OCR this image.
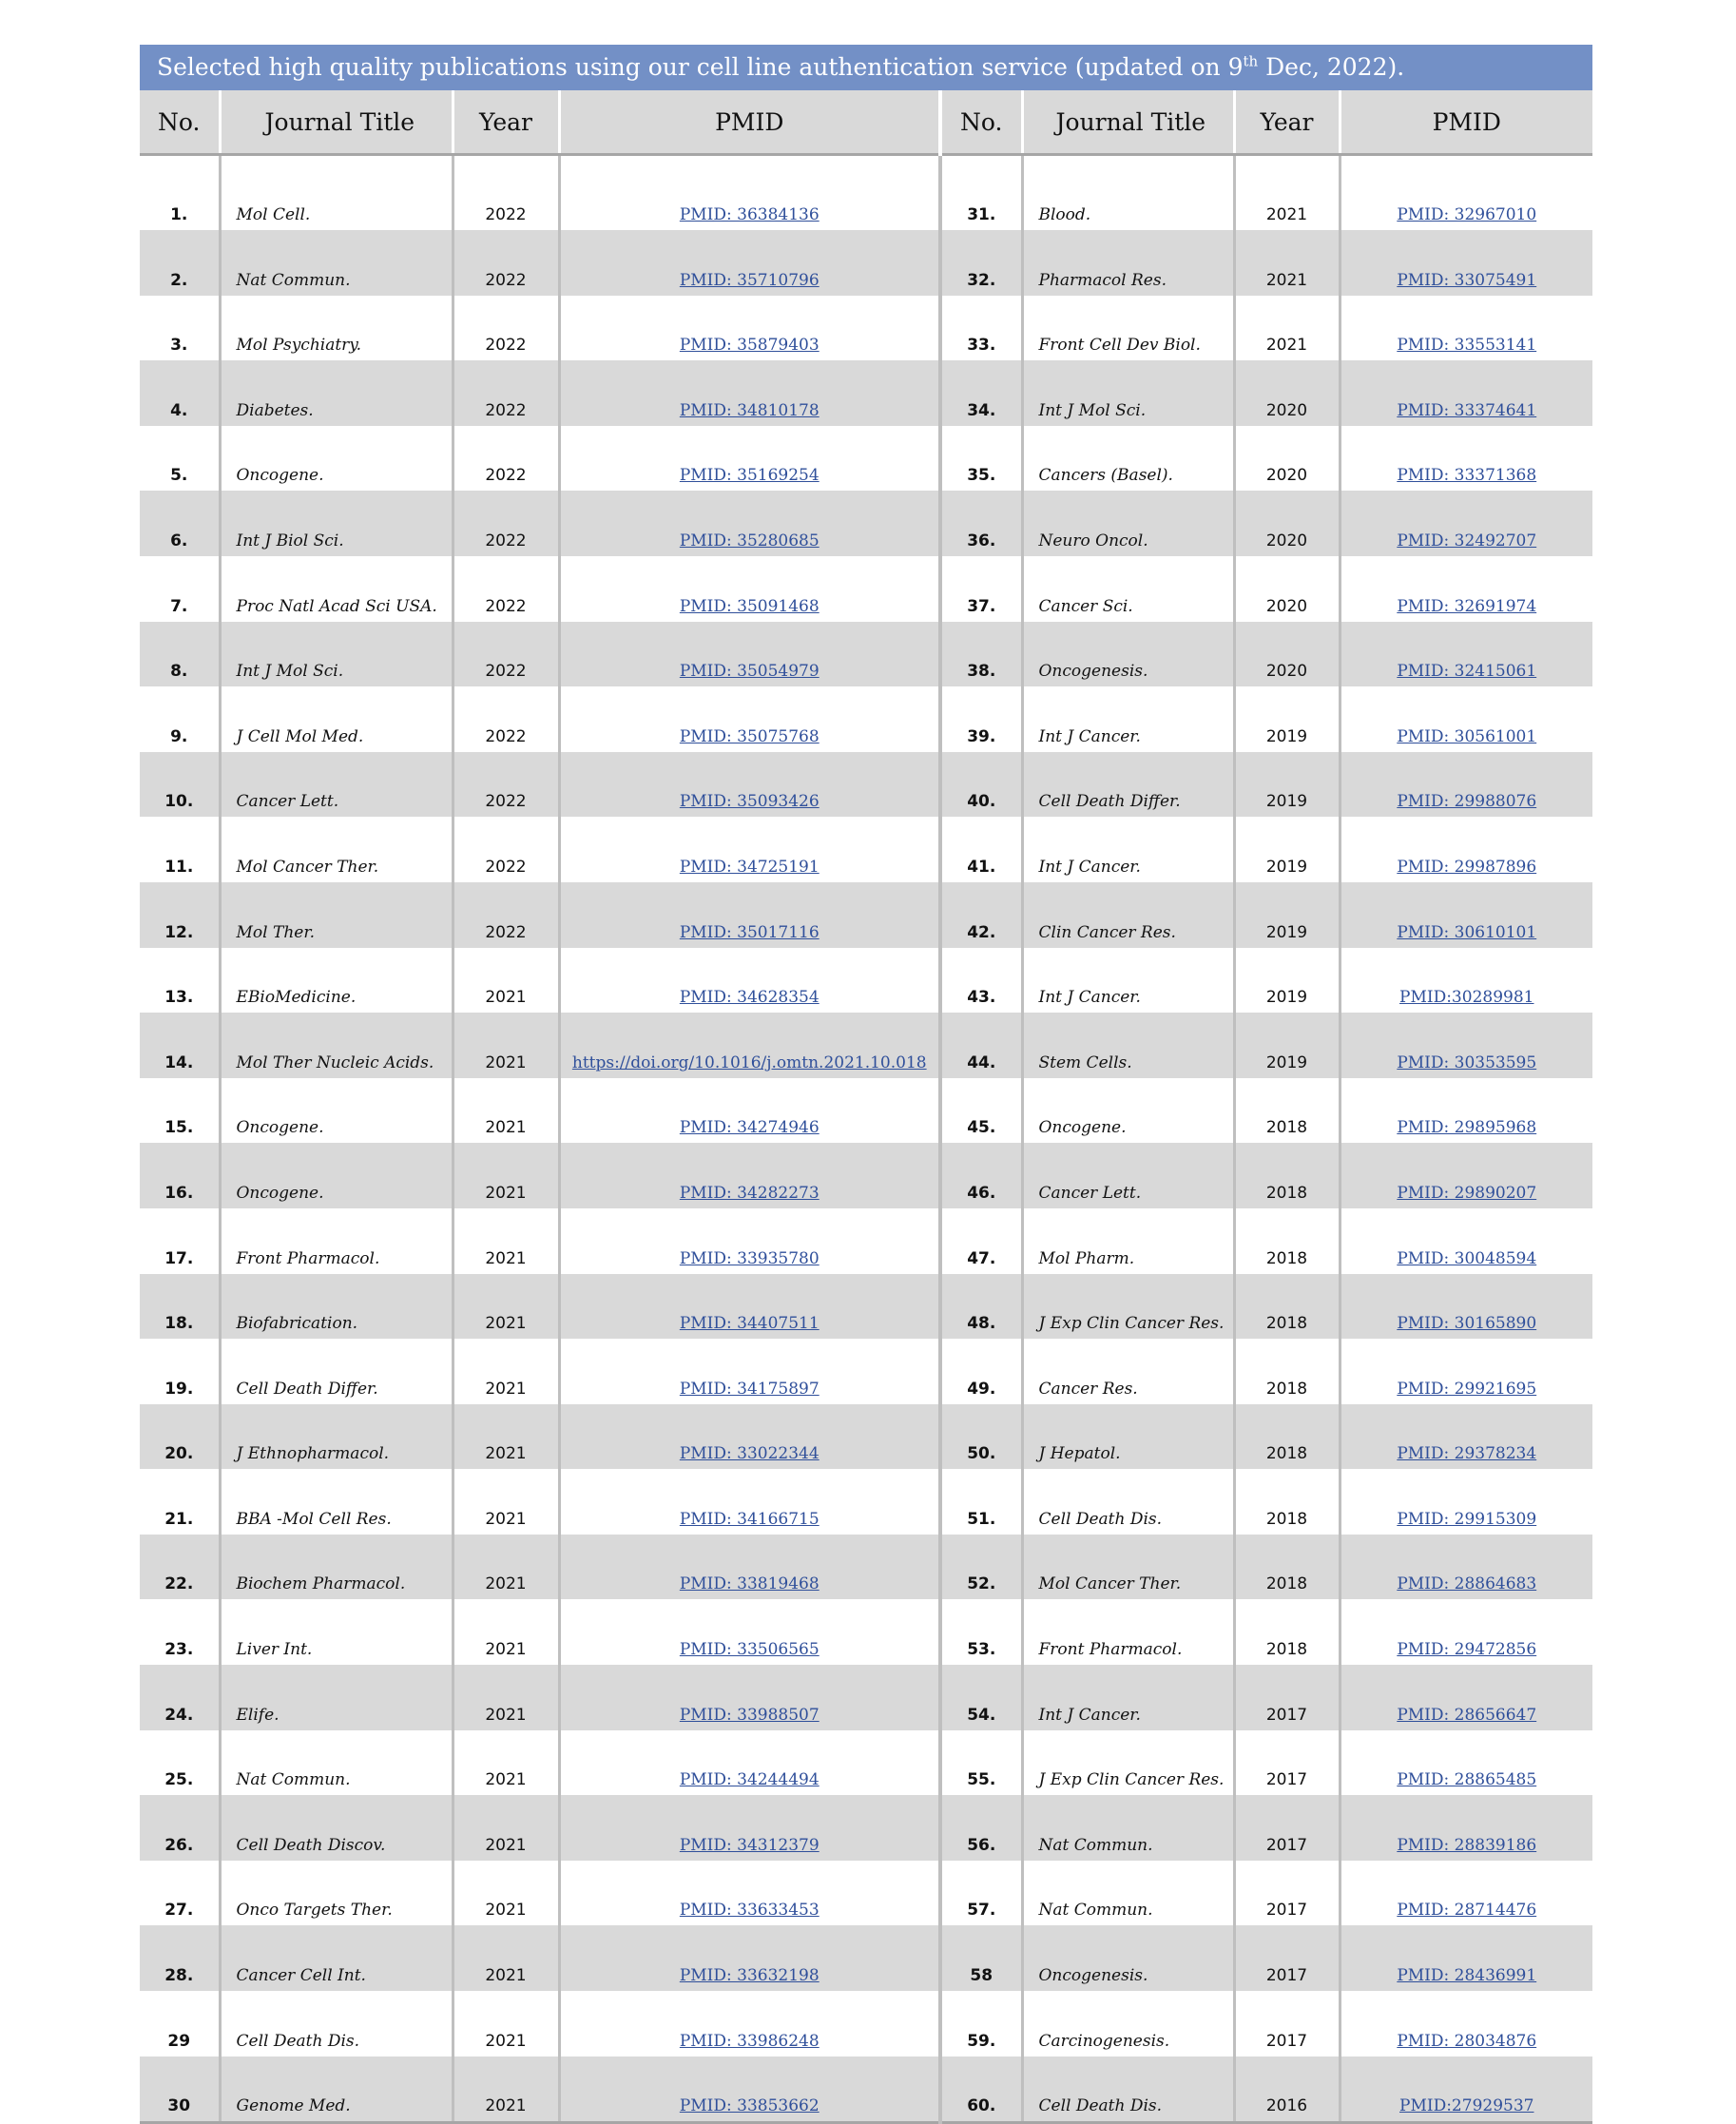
Selected high quality publications using our cell line authentication service (updated on 9th Dec, 2022).
No.	Journal Title	Year	PMID	No.	Journal Title	Year	PMID
1.	Mol Cell.	2022	PMID: 36384136	31.	Blood.	2021	PMID: 32967010
2.	Nat Commun.	2022	PMID: 35710796	32.	Pharmacol Res.	2021	PMID: 33075491
3.	Mol Psychiatry.	2022	PMID: 35879403	33.	Front Cell Dev Biol.	2021	PMID: 33553141
4.	Diabetes.	2022	PMID: 34810178	34.	Int J Mol Sci.	2020	PMID: 33374641
5.	Oncogene.	2022	PMID: 35169254	35.	Cancers (Basel).	2020	PMID: 33371368
6.	Int J Biol Sci.	2022	PMID: 35280685	36.	Neuro Oncol.	2020	PMID: 32492707
7.	Proc Natl Acad Sci USA.	2022	PMID: 35091468	37.	Cancer Sci.	2020	PMID: 32691974
8.	Int J Mol Sci.	2022	PMID: 35054979	38.	Oncogenesis.	2020	PMID: 32415061
9.	J Cell Mol Med.	2022	PMID: 35075768	39.	Int J Cancer.	2019	PMID: 30561001
10.	Cancer Lett.	2022	PMID: 35093426	40.	Cell Death Differ.	2019	PMID: 29988076
11.	Mol Cancer Ther.	2022	PMID: 34725191	41.	Int J Cancer.	2019	PMID: 29987896
12.	Mol Ther.	2022	PMID: 35017116	42.	Clin Cancer Res.	2019	PMID: 30610101
13.	EBioMedicine.	2021	PMID: 34628354	43.	Int J Cancer.	2019	PMID:30289981
14.	Mol Ther Nucleic Acids.	2021	https://doi.org/10.1016/j.omtn.2021.10.018	44.	Stem Cells.	2019	PMID: 30353595
15.	Oncogene.	2021	PMID: 34274946	45.	Oncogene.	2018	PMID: 29895968
16.	Oncogene.	2021	PMID: 34282273	46.	Cancer Lett.	2018	PMID: 29890207
17.	Front Pharmacol.	2021	PMID: 33935780	47.	Mol Pharm.	2018	PMID: 30048594
18.	Biofabrication.	2021	PMID: 34407511	48.	J Exp Clin Cancer Res.	2018	PMID: 30165890
19.	Cell Death Differ.	2021	PMID: 34175897	49.	Cancer Res.	2018	PMID: 29921695
20.	J Ethnopharmacol.	2021	PMID: 33022344	50.	J Hepatol.	2018	PMID: 29378234
21.	BBA -Mol Cell Res.	2021	PMID: 34166715	51.	Cell Death Dis.	2018	PMID: 29915309
22.	Biochem Pharmacol.	2021	PMID: 33819468	52.	Mol Cancer Ther.	2018	PMID: 28864683
23.	Liver Int.	2021	PMID: 33506565	53.	Front Pharmacol.	2018	PMID: 29472856
24.	Elife.	2021	PMID: 33988507	54.	Int J Cancer.	2017	PMID: 28656647
25.	Nat Commun.	2021	PMID: 34244494	55.	J Exp Clin Cancer Res.	2017	PMID: 28865485
26.	Cell Death Discov.	2021	PMID: 34312379	56.	Nat Commun.	2017	PMID: 28839186
27.	Onco Targets Ther.	2021	PMID: 33633453	57.	Nat Commun.	2017	PMID: 28714476
28.	Cancer Cell Int.	2021	PMID: 33632198	58	Oncogenesis.	2017	PMID: 28436991
29	Cell Death Dis.	2021	PMID: 33986248	59.	Carcinogenesis.	2017	PMID: 28034876
30	Genome Med.	2021	PMID: 33853662	60.	Cell Death Dis.	2016	PMID:27929537
